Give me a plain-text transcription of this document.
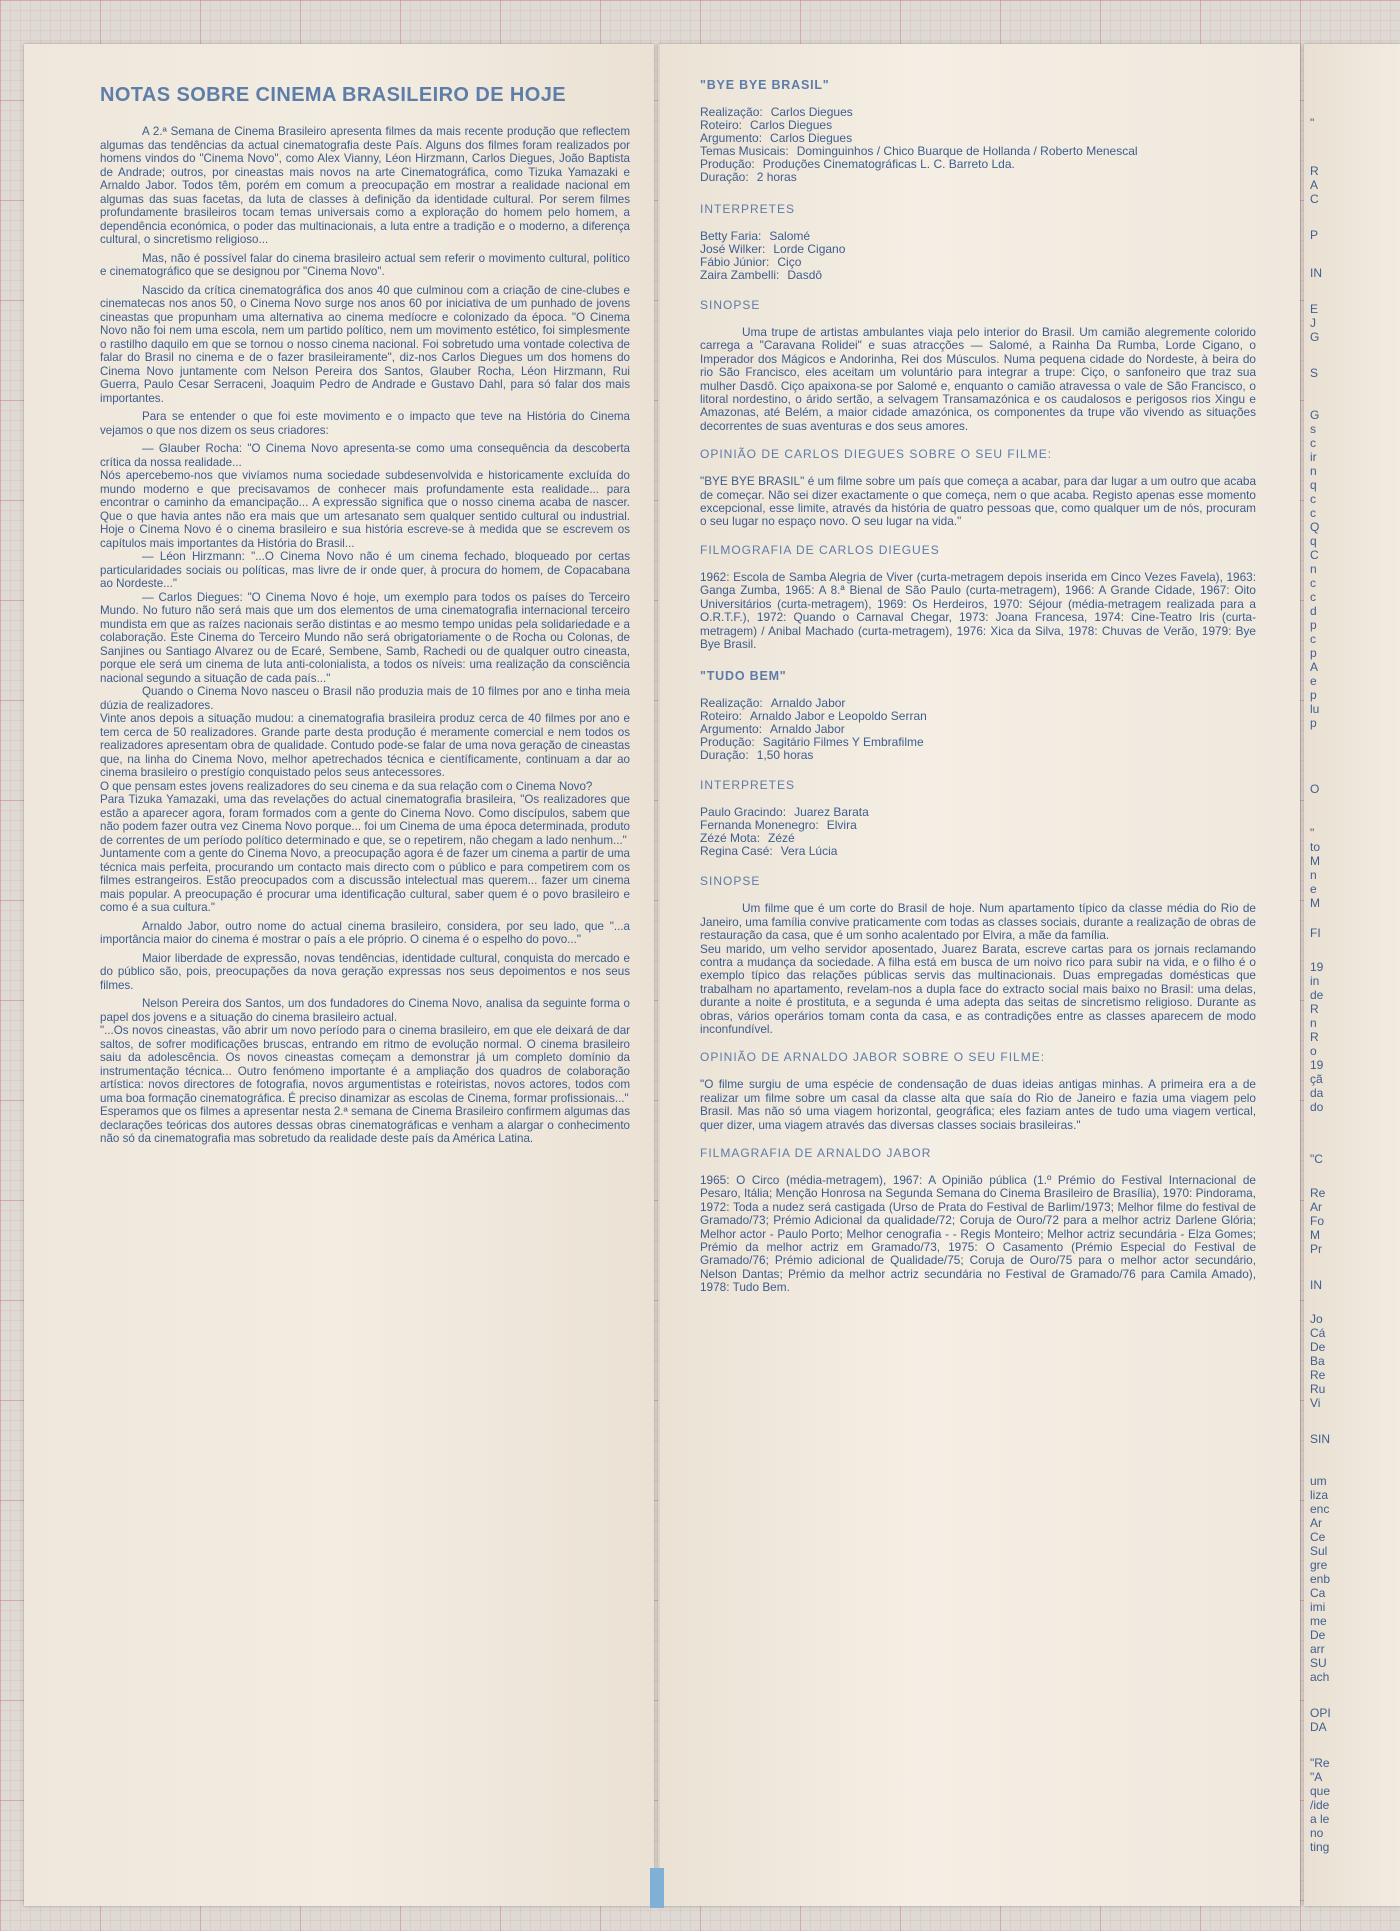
NOTAS SOBRE CINEMA BRASILEIRO DE HOJE

A 2.ª Semana de Cinema Brasileiro apresenta filmes da mais recente produção que reflectem algumas das tendências da actual cinematografia deste País. Alguns dos filmes foram realizados por homens vindos do "Cinema Novo", como Alex Vianny, Léon Hirzmann, Carlos Diegues, João Baptista de Andrade; outros, por cineastas mais novos na arte Cinematográfica, como Tizuka Yamazaki e Arnaldo Jabor. Todos têm, porém em comum a preocupação em mostrar a realidade nacional em algumas das suas facetas, da luta de classes à definição da identidade cultural. Por serem filmes profundamente brasileiros tocam temas universais como a exploração do homem pelo homem, a dependência económica, o poder das multinacionais, a luta entre a tradição e o moderno, a diferença cultural, o sincretismo religioso...

Mas, não é possível falar do cinema brasileiro actual sem referir o movimento cultural, político e cinematográfico que se designou por "Cinema Novo".

Nascido da crítica cinematográfica dos anos 40 que culminou com a criação de cine-clubes e cinematecas nos anos 50, o Cinema Novo surge nos anos 60 por iniciativa de um punhado de jovens cineastas que propunham uma alternativa ao cinema medíocre e colonizado da época. "O Cinema Novo não foi nem uma escola, nem um partido político, nem um movimento estético, foi simplesmente o rastilho daquilo em que se tornou o nosso cinema nacional. Foi sobretudo uma vontade colectiva de falar do Brasil no cinema e de o fazer brasileiramente", diz-nos Carlos Diegues um dos homens do Cinema Novo juntamente com Nelson Pereira dos Santos, Glauber Rocha, Léon Hirzmann, Rui Guerra, Paulo Cesar Serraceni, Joaquim Pedro de Andrade e Gustavo Dahl, para só falar dos mais importantes.

Para se entender o que foi este movimento e o impacto que teve na História do Cinema vejamos o que nos dizem os seus criadores:

— Glauber Rocha: "O Cinema Novo apresenta-se como uma consequência da descoberta crítica da nossa realidade...

Nós apercebemo-nos que vivíamos numa sociedade subdesenvolvida e historicamente excluída do mundo moderno e que precisavamos de conhecer mais profundamente esta realidade... para encontrar o caminho da emancipação... A expressão significa que o nosso cinema acaba de nascer. Que o que havia antes não era mais que um artesanato sem qualquer sentido cultural ou industrial. Hoje o Cinema Novo é o cinema brasileiro e sua história escreve-se à medida que se escrevem os capítulos mais importantes da História do Brasil...

— Léon Hirzmann: "...O Cinema Novo não é um cinema fechado, bloqueado por certas particularidades sociais ou políticas, mas livre de ir onde quer, à procura do homem, de Copacabana ao Nordeste..."

— Carlos Diegues: "O Cinema Novo é hoje, um exemplo para todos os países do Terceiro Mundo. No futuro não será mais que um dos elementos de uma cinematografia internacional terceiro mundista em que as raízes nacionais serão distintas e ao mesmo tempo unidas pela solidariedade e a colaboração. Este Cinema do Terceiro Mundo não será obrigatoriamente o de Rocha ou Colonas, de Sanjines ou Santiago Alvarez ou de Ecaré, Sembene, Samb, Rachedi ou de qualquer outro cineasta, porque ele será um cinema de luta anti-colonialista, a todos os níveis: uma realização da consciência nacional segundo a situação de cada país..."

Quando o Cinema Novo nasceu o Brasil não produzia mais de 10 filmes por ano e tinha meia dúzia de realizadores.

Vinte anos depois a situação mudou: a cinematografia brasileira produz cerca de 40 filmes por ano e tem cerca de 50 realizadores. Grande parte desta produção é meramente comercial e nem todos os realizadores apresentam obra de qualidade. Contudo pode-se falar de uma nova geração de cineastas que, na linha do Cinema Novo, melhor apetrechados técnica e científicamente, continuam a dar ao cinema brasileiro o prestígio conquistado pelos seus antecessores.

O que pensam estes jovens realizadores do seu cinema e da sua relação com o Cinema Novo?

Para Tizuka Yamazaki, uma das revelações do actual cinematografia brasileira, "Os realizadores que estão a aparecer agora, foram formados com a gente do Cinema Novo. Como discípulos, sabem que não podem fazer outra vez Cinema Novo porque... foi um Cinema de uma época determinada, produto de correntes de um período político determinado e que, se o repetirem, não chegam a lado nenhum..."

Juntamente com a gente do Cinema Novo, a preocupação agora é de fazer um cinema a partir de uma técnica mais perfeita, procurando um contacto mais directo com o público e para competirem com os filmes estrangeiros. Estão preocupados com a discussão intelectual mas querem... fazer um cinema mais popular. A preocupação é procurar uma identificação cultural, saber quem é o povo brasileiro e como é a sua cultura."

Arnaldo Jabor, outro nome do actual cinema brasileiro, considera, por seu lado, que "...a importância maior do cinema é mostrar o país a ele próprio. O cinema é o espelho do povo..."

Maior liberdade de expressão, novas tendências, identidade cultural, conquista do mercado e do público são, pois, preocupações da nova geração expressas nos seus depoimentos e nos seus filmes.

Nelson Pereira dos Santos, um dos fundadores do Cinema Novo, analisa da seguinte forma o papel dos jovens e a situação do cinema brasileiro actual.

"...Os novos cineastas, vão abrir um novo período para o cinema brasileiro, em que ele deixará de dar saltos, de sofrer modificações bruscas, entrando em ritmo de evolução normal. O cinema brasileiro saiu da adolescência. Os novos cineastas começam a demonstrar já um completo domínio da instrumentação técnica... Outro fenómeno importante é a ampliação dos quadros de colaboração artística: novos directores de fotografia, novos argumentistas e roteiristas, novos actores, todos com uma boa formação cinematográfica. É preciso dinamizar as escolas de Cinema, formar profissionais..."

Esperamos que os filmes a apresentar nesta 2.ª semana de Cinema Brasileiro confirmem algumas das declarações teóricas dos autores dessas obras cinematográficas e venham a alargar o conhecimento não só da cinematografia mas sobretudo da realidade deste país da América Latina.

"BYE BYE BRASIL"
Realização: Carlos Diegues
Roteiro: Carlos Diegues
Argumento: Carlos Diegues
Temas Musicais: Dominguinhos / Chico Buarque de Hollanda / Roberto Menescal
Produção: Produções Cinematográficas L. C. Barreto Lda.
Duração: 2 horas
INTERPRETES
Betty Faria: Salomé
José Wilker: Lorde Cigano
Fábio Júnior: Ciço
Zaira Zambelli: Dasdô
SINOPSE

Uma trupe de artistas ambulantes viaja pelo interior do Brasil. Um camião alegremente colorido carrega a "Caravana Rolidei" e suas atracções — Salomé, a Rainha Da Rumba, Lorde Cigano, o Imperador dos Mágicos e Andorinha, Rei dos Músculos. Numa pequena cidade do Nordeste, à beira do rio São Francisco, eles aceitam um voluntário para integrar a trupe: Ciço, o sanfoneiro que traz sua mulher Dasdô. Ciço apaixona-se por Salomé e, enquanto o camião atravessa o vale de São Francisco, o litoral nordestino, o árido sertão, a selvagem Transamazónica e os caudalosos e perigosos rios Xingu e Amazonas, até Belém, a maior cidade amazónica, os componentes da trupe vão vivendo as situações decorrentes de suas aventuras e dos seus amores.

OPINIÃO DE CARLOS DIEGUES SOBRE O SEU FILME:

"BYE BYE BRASIL" é um filme sobre um país que começa a acabar, para dar lugar a um outro que acaba de começar. Não sei dizer exactamente o que começa, nem o que acaba. Registo apenas esse momento excepcional, esse limite, através da história de quatro pessoas que, como qualquer um de nós, procuram o seu lugar no espaço novo. O seu lugar na vida."

FILMOGRAFIA DE CARLOS DIEGUES

1962: Escola de Samba Alegria de Viver (curta-metragem depois inserida em Cinco Vezes Favela), 1963: Ganga Zumba, 1965: A 8.ª Bienal de São Paulo (curta-metragem), 1966: A Grande Cidade, 1967: Oito Universitários (curta-metragem), 1969: Os Herdeiros, 1970: Séjour (média-metragem realizada para a O.R.T.F.), 1972: Quando o Carnaval Chegar, 1973: Joana Francesa, 1974: Cine-Teatro Iris (curta-metragem) / Anibal Machado (curta-metragem), 1976: Xica da Silva, 1978: Chuvas de Verão, 1979: Bye Bye Brasil.

"TUDO BEM"
Realização: Arnaldo Jabor
Roteiro: Arnaldo Jabor e Leopoldo Serran
Argumento: Arnaldo Jabor
Produção: Sagitário Filmes Y Embrafilme
Duração: 1,50 horas
INTERPRETES
Paulo Gracindo: Juarez Barata
Fernanda Monenegro: Elvira
Zézé Mota: Zézé
Regina Casé: Vera Lúcia
SINOPSE

Um filme que é um corte do Brasil de hoje. Num apartamento típico da classe média do Rio de Janeiro, uma família convive praticamente com todas as classes sociais, durante a realização de obras de restauração da casa, que é um sonho acalentado por Elvira, a mãe da família.

Seu marido, um velho servidor aposentado, Juarez Barata, escreve cartas para os jornais reclamando contra a mudança da sociedade. A filha está em busca de um noivo rico para subir na vida, e o filho é o exemplo típico das relações públicas servis das multinacionais. Duas empregadas domésticas que trabalham no apartamento, revelam-nos a dupla face do extracto social mais baixo no Brasil: uma delas, durante a noite é prostituta, e a segunda é uma adepta das seitas de sincretismo religioso. Durante as obras, vários operários tomam conta da casa, e as contradições entre as classes aparecem de modo inconfundível.

OPINIÃO DE ARNALDO JABOR SOBRE O SEU FILME:

"O filme surgiu de uma espécie de condensação de duas ideias antigas minhas. A primeira era a de realizar um filme sobre um casal da classe alta que saía do Rio de Janeiro e fazia uma viagem pelo Brasil. Mas não só uma viagem horizontal, geográfica; eles faziam antes de tudo uma viagem vertical, quer dizer, uma viagem através das diversas classes sociais brasileiras."

FILMAGRAFIA DE ARNALDO JABOR

1965: O Circo (média-metragem), 1967: A Opinião pública (1.º Prémio do Festival Internacional de Pesaro, Itália; Menção Honrosa na Segunda Semana do Cinema Brasileiro de Brasília), 1970: Pindorama, 1972: Toda a nudez será castigada (Urso de Prata do Festival de Barlim/1973; Melhor filme do festival de Gramado/73; Prémio Adicional da qualidade/72; Coruja de Ouro/72 para a melhor actriz Darlene Glória; Melhor actor - Paulo Porto; Melhor cenografia - - Regis Monteiro; Melhor actriz secundária - Elza Gomes; Prémio da melhor actriz em Gramado/73, 1975: O Casamento (Prémio Especial do Festival de Gramado/76; Prémio adicional de Qualidade/75; Coruja de Ouro/75 para o melhor actor secundário, Nelson Dantas; Prémio da melhor actriz secundária no Festival de Gramado/76 para Camila Amado), 1978: Tudo Bem.

"
R
A
C
P
IN
E
J
G
S
G
s
c
ir
n
q
c
c
Q
q
C
n
c
c
d
p
c
p
A
e
p
lu
p
O
"
to
M
n
e
M
FI
19
in
de
R
n
R
o
19
çã
da
do
"C
Re
Ar
Fo
M
Pr
IN
Jo
Cá
De
Ba
Re
Ru
Vi
SIN
um
liza
enc
Ar
Ce
Sul
gre
enb
Ca
imi
me
De
arr
SU
ach
OPI
DA
"Re
"A
que
/ide
a le
no
ting
